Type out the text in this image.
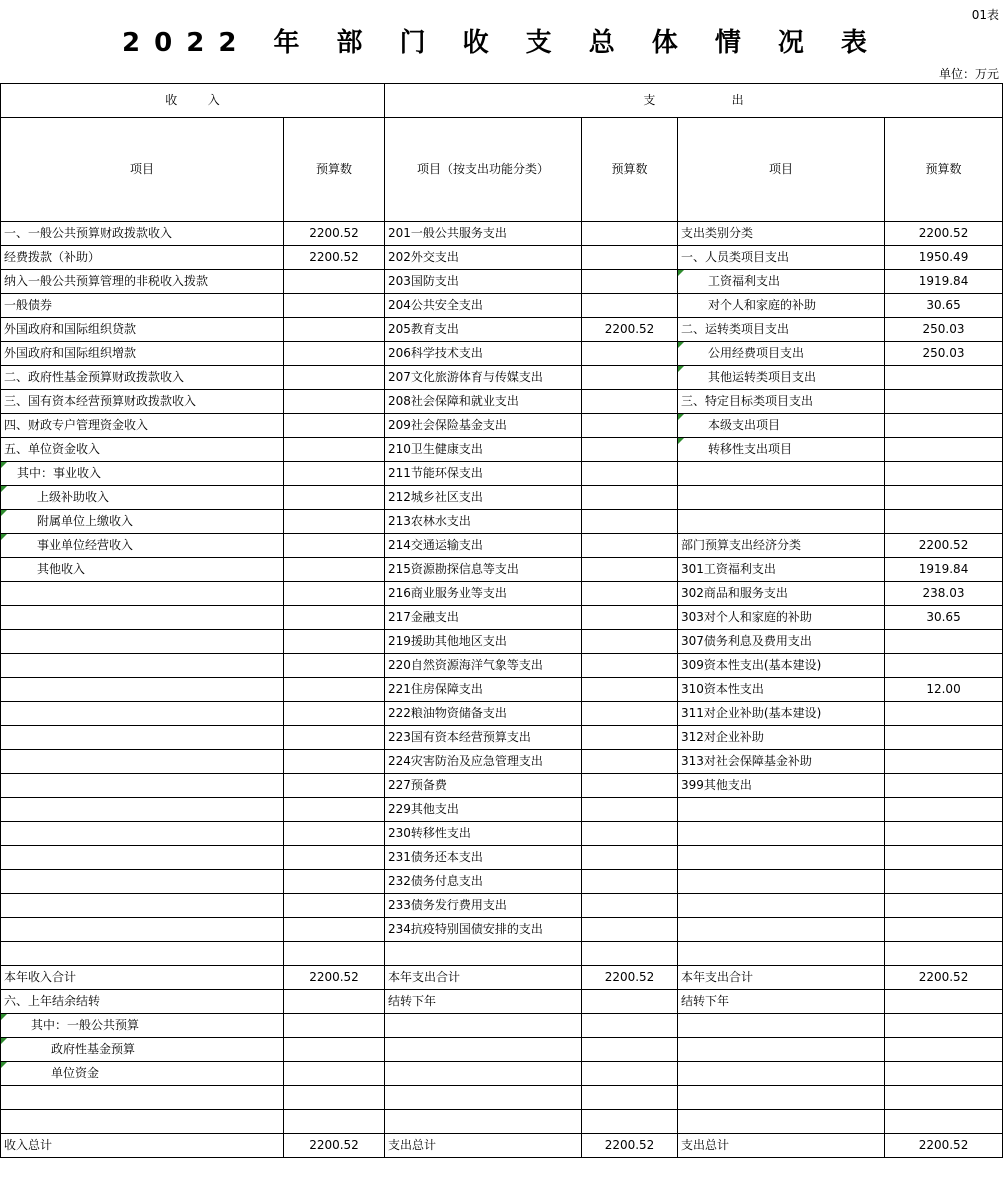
01表
2022 年 部 门 收 支 总 体 情 况 表
单位：万元
收        入		支                    出			
项目	预算数	项目（按支出功能分类）	预算数	项目	预算数
一、一般公共预算财政拨款收入	2200.52	201一般公共服务支出		支出类别分类	2200.52
经费拨款（补助）	2200.52	202外交支出		一、人员类项目支出	1950.49
纳入一般公共预算管理的非税收入拨款		203国防支出		工资福利支出	1919.84
一般债券		204公共安全支出		对个人和家庭的补助	30.65
外国政府和国际组织贷款		205教育支出	2200.52	二、运转类项目支出	250.03
外国政府和国际组织增款		206科学技术支出		公用经费项目支出	250.03
二、政府性基金预算财政拨款收入		207文化旅游体育与传媒支出		其他运转类项目支出	
三、国有资本经营预算财政拨款收入		208社会保障和就业支出		三、特定目标类项目支出	
四、财政专户管理资金收入		209社会保险基金支出		本级支出项目	
五、单位资金收入		210卫生健康支出		转移性支出项目	
其中：事业收入		211节能环保支出			
上级补助收入		212城乡社区支出			
附属单位上缴收入		213农林水支出			
事业单位经营收入		214交通运输支出		部门预算支出经济分类	2200.52
其他收入		215资源勘探信息等支出		301工资福利支出	1919.84
		216商业服务业等支出		302商品和服务支出	238.03
		217金融支出		303对个人和家庭的补助	30.65
		219援助其他地区支出		307债务利息及费用支出	
		220自然资源海洋气象等支出		309资本性支出(基本建设)	
		221住房保障支出		310资本性支出	12.00
		222粮油物资储备支出		311对企业补助(基本建设)	
		223国有资本经营预算支出		312对企业补助	
		224灾害防治及应急管理支出		313对社会保障基金补助	
		227预备费		399其他支出	
		229其他支出			
		230转移性支出			
		231债务还本支出			
		232债务付息支出			
		233债务发行费用支出			
		234抗疫特别国债安排的支出			

本年收入合计	2200.52	本年支出合计	2200.52	本年支出合计	2200.52
六、上年结余结转		结转下年		结转下年	
其中：一般公共预算					
政府性基金预算					
单位资金					

收入总计	2200.52	支出总计	2200.52	支出总计	2200.52
